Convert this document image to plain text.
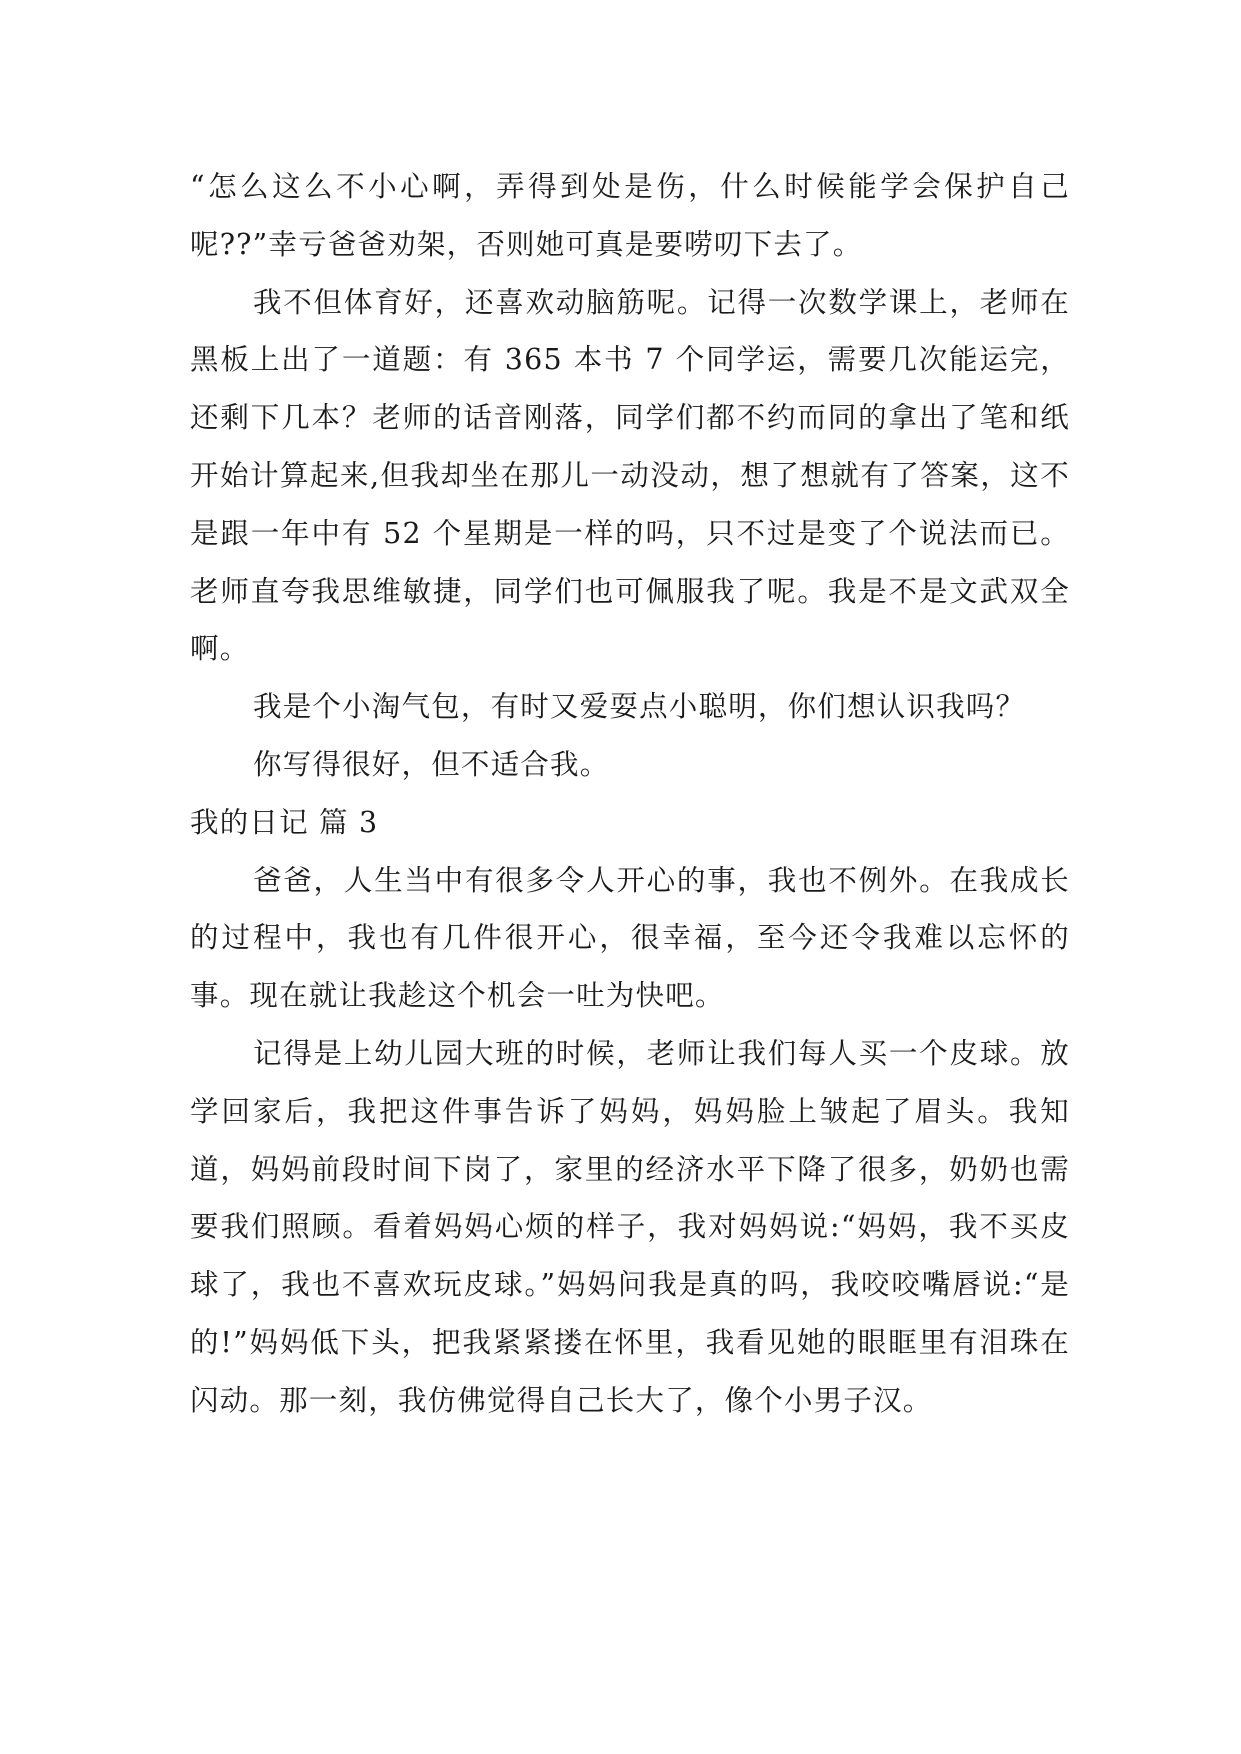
“怎么这么不小心啊，弄得到处是伤，什么时候能学会保护自己呢??”幸亏爸爸劝架，否则她可真是要唠叨下去了。

我不但体育好，还喜欢动脑筋呢。记得一次数学课上，老师在黑板上出了一道题：有 365 本书 7 个同学运，需要几次能运完，还剩下几本？老师的话音刚落，同学们都不约而同的拿出了笔和纸开始计算起来,但我却坐在那儿一动没动，想了想就有了答案，这不是跟一年中有 52 个星期是一样的吗，只不过是变了个说法而已。老师直夸我思维敏捷，同学们也可佩服我了呢。我是不是文武双全啊。

我是个小淘气包，有时又爱耍点小聪明，你们想认识我吗？

你写得很好，但不适合我。

我的日记 篇 3

爸爸，人生当中有很多令人开心的事，我也不例外。在我成长的过程中，我也有几件很开心，很幸福，至今还令我难以忘怀的事。现在就让我趁这个机会一吐为快吧。

记得是上幼儿园大班的时候，老师让我们每人买一个皮球。放学回家后，我把这件事告诉了妈妈，妈妈脸上皱起了眉头。我知道，妈妈前段时间下岗了，家里的经济水平下降了很多，奶奶也需要我们照顾。看着妈妈心烦的样子，我对妈妈说:“妈妈，我不买皮球了，我也不喜欢玩皮球。”妈妈问我是真的吗，我咬咬嘴唇说:“是的!”妈妈低下头，把我紧紧搂在怀里，我看见她的眼眶里有泪珠在闪动。那一刻，我仿佛觉得自己长大了，像个小男子汉。
